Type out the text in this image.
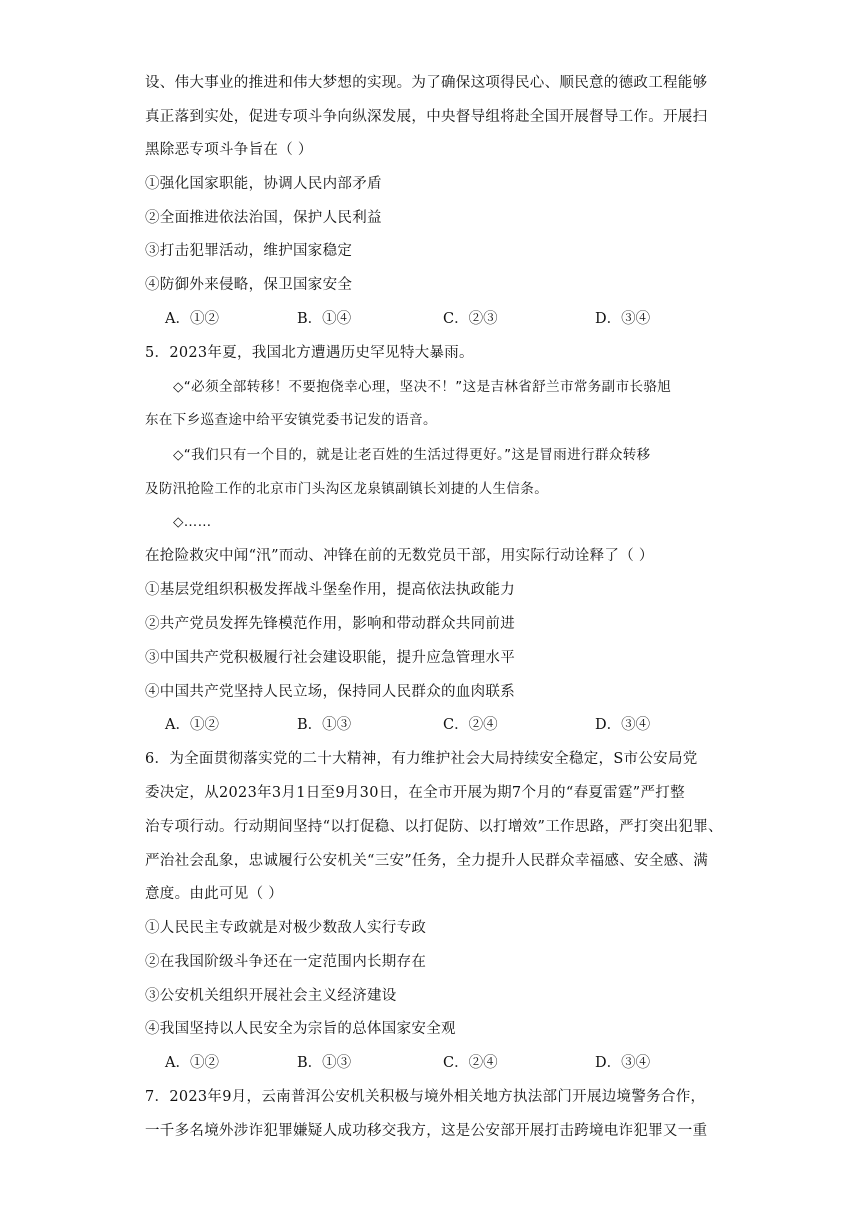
设、伟大事业的推进和伟大梦想的实现。为了确保这项得民心、顺民意的德政工程能够
真正落到实处，促进专项斗争向纵深发展，中央督导组将赴全国开展督导工作。开展扫
黑除恶专项斗争旨在（ ）
①强化国家职能，协调人民内部矛盾
②全面推进依法治国，保护人民利益
③打击犯罪活动，维护国家稳定
④防御外来侵略，保卫国家安全
A．①②	B．①④	C．②③	D．③④
5．2023年夏，我国北方遭遇历史罕见特大暴雨。
◇“必须全部转移！不要抱侥幸心理，坚决不！”这是吉林省舒兰市常务副市长骆旭
东在下乡巡查途中给平安镇党委书记发的语音。
◇“我们只有一个目的，就是让老百姓的生活过得更好。”这是冒雨进行群众转移
及防汛抢险工作的北京市门头沟区龙泉镇副镇长刘捷的人生信条。
◇……
在抢险救灾中闻“汛”而动、冲锋在前的无数党员干部，用实际行动诠释了（ ）
①基层党组织积极发挥战斗堡垒作用，提高依法执政能力
②共产党员发挥先锋模范作用，影响和带动群众共同前进
③中国共产党积极履行社会建设职能，提升应急管理水平
④中国共产党坚持人民立场，保持同人民群众的血肉联系
A．①②	B．①③	C．②④	D．③④
6．为全面贯彻落实党的二十大精神，有力维护社会大局持续安全稳定，S市公安局党
委决定，从2023年3月1日至9月30日，在全市开展为期7个月的“春夏雷霆”严打整
治专项行动。行动期间坚持“以打促稳、以打促防、以打增效”工作思路，严打突出犯罪、
严治社会乱象，忠诚履行公安机关“三安”任务，全力提升人民群众幸福感、安全感、满
意度。由此可见（ ）
①人民民主专政就是对极少数敌人实行专政
②在我国阶级斗争还在一定范围内长期存在
③公安机关组织开展社会主义经济建设
④我国坚持以人民安全为宗旨的总体国家安全观
A．①②	B．①③	C．②④	D．③④
7．2023年9月，云南普洱公安机关积极与境外相关地方执法部门开展边境警务合作，
一千多名境外涉诈犯罪嫌疑人成功移交我方，这是公安部开展打击跨境电诈犯罪又一重
